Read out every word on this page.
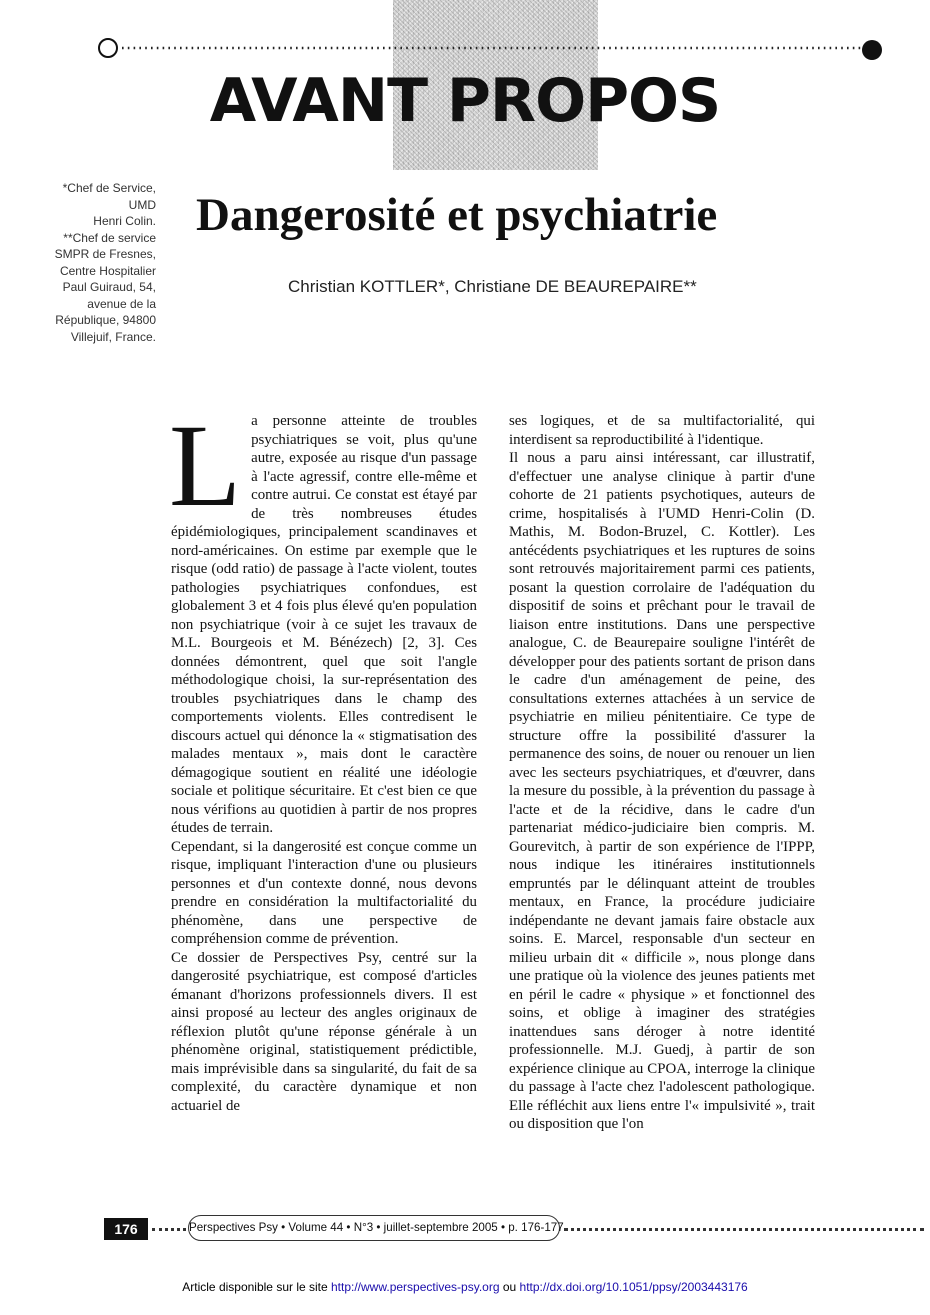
AVANT PROPOS
*Chef de Service,
UMD
Henri Colin.
**Chef de service
SMPR de Fresnes,
Centre Hospitalier
Paul Guiraud, 54,
avenue de la
République, 94800
Villejuif, France.
Dangerosité et psychiatrie

Christian KOTTLER*, Christiane DE BEAUREPAIRE**

L a personne atteinte de troubles psychiatriques se voit, plus qu'une autre, exposée au risque d'un passage à l'acte agressif, contre elle-même et contre autrui. Ce constat est étayé par de très nombreuses études épidémiologiques, principalement scandinaves et nord-américaines. On estime par exemple que le risque (odd ratio) de passage à l'acte violent, toutes pathologies psychiatriques confondues, est globalement 3 et 4 fois plus élevé qu'en population non psychiatrique (voir à ce sujet les travaux de M.L. Bourgeois et M. Bénézech) [2, 3]. Ces données démontrent, quel que soit l'angle méthodologique choisi, la sur-représentation des troubles psychiatriques dans le champ des comportements violents. Elles contredisent le discours actuel qui dénonce la « stigmatisation des malades mentaux », mais dont le caractère démagogique soutient en réalité une idéologie sociale et politique sécuritaire. Et c'est bien ce que nous vérifions au quotidien à partir de nos propres études de terrain.

Cependant, si la dangerosité est conçue comme un risque, impliquant l'interaction d'une ou plusieurs personnes et d'un contexte donné, nous devons prendre en considération la multifactorialité du phénomène, dans une perspective de compréhension comme de prévention.

Ce dossier de Perspectives Psy, centré sur la dangerosité psychiatrique, est composé d'articles émanant d'horizons professionnels divers. Il est ainsi proposé au lecteur des angles originaux de réflexion plutôt qu'une réponse générale à un phénomène original, statistiquement prédictible, mais imprévisible dans sa singularité, du fait de sa complexité, du caractère dynamique et non actuariel de

ses logiques, et de sa multifactorialité, qui interdisent sa reproductibilité à l'identique.

Il nous a paru ainsi intéressant, car illustratif, d'effectuer une analyse clinique à partir d'une cohorte de 21 patients psychotiques, auteurs de crime, hospitalisés à l'UMD Henri-Colin (D. Mathis, M. Bodon-Bruzel, C. Kottler). Les antécédents psychiatriques et les ruptures de soins sont retrouvés majoritairement parmi ces patients, posant la question corrolaire de l'adéquation du dispositif de soins et prêchant pour le travail de liaison entre institutions. Dans une perspective analogue, C. de Beaurepaire souligne l'intérêt de développer pour des patients sortant de prison dans le cadre d'un aménagement de peine, des consultations externes attachées à un service de psychiatrie en milieu pénitentiaire. Ce type de structure offre la possibilité d'assurer la permanence des soins, de nouer ou renouer un lien avec les secteurs psychiatriques, et d'œuvrer, dans la mesure du possible, à la prévention du passage à l'acte et de la récidive, dans le cadre d'un partenariat médico-judiciaire bien compris. M. Gourevitch, à partir de son expérience de l'IPPP, nous indique les itinéraires institutionnels empruntés par le délinquant atteint de troubles mentaux, en France, la procédure judiciaire indépendante ne devant jamais faire obstacle aux soins. E. Marcel, responsable d'un secteur en milieu urbain dit « difficile », nous plonge dans une pratique où la violence des jeunes patients met en péril le cadre « physique » et fonctionnel des soins, et oblige à imaginer des stratégies inattendues sans déroger à notre identité professionnelle. M.J. Guedj, à partir de son expérience clinique au CPOA, interroge la clinique du passage à l'acte chez l'adolescent pathologique. Elle réfléchit aux liens entre l'« impulsivité », trait ou disposition que l'on

176	Perspectives Psy • Volume 44 • N°3 • juillet-septembre 2005 • p. 176-177
Article disponible sur le site http://www.perspectives-psy.org ou http://dx.doi.org/10.1051/ppsy/2003443176
